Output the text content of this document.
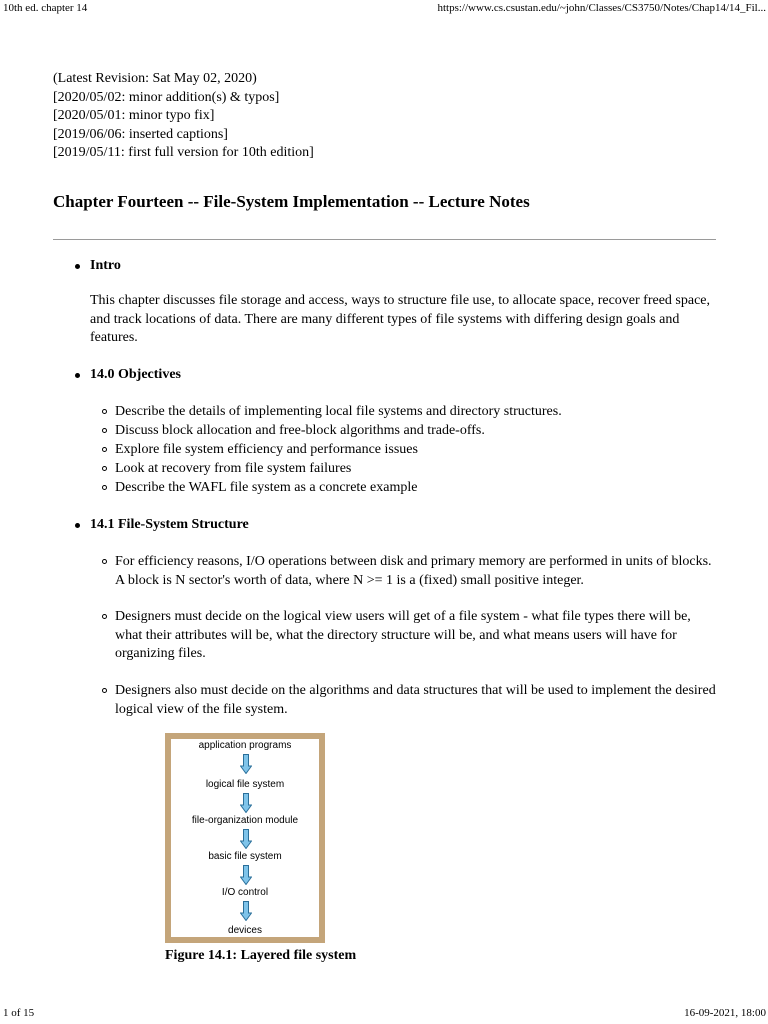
10th ed. chapter 14	https://www.cs.csustan.edu/~john/Classes/CS3750/Notes/Chap14/14_Fil...
(Latest Revision: Sat May 02, 2020)
[2020/05/02: minor addition(s) & typos]
[2020/05/01: minor typo fix]
[2019/06/06: inserted captions]
[2019/05/11: first full version for 10th edition]
Chapter Fourteen -- File-System Implementation -- Lecture Notes
Intro
This chapter discusses file storage and access, ways to structure file use, to allocate space, recover freed space, and track locations of data. There are many different types of file systems with differing design goals and features.
14.0 Objectives
Describe the details of implementing local file systems and directory structures.
Discuss block allocation and free-block algorithms and trade-offs.
Explore file system efficiency and performance issues
Look at recovery from file system failures
Describe the WAFL file system as a concrete example
14.1 File-System Structure
For efficiency reasons, I/O operations between disk and primary memory are performed in units of blocks. A block is N sector's worth of data, where N >= 1 is a (fixed) small positive integer.
Designers must decide on the logical view users will get of a file system - what file types there will be, what their attributes will be, what the directory structure will be, and what means users will have for organizing files.
Designers also must decide on the algorithms and data structures that will be used to implement the desired logical view of the file system.
application programs
logical file system
file-organization module
basic file system
I/O control
devices
Figure 14.1: Layered file system
1 of 15	16-09-2021, 18:00
